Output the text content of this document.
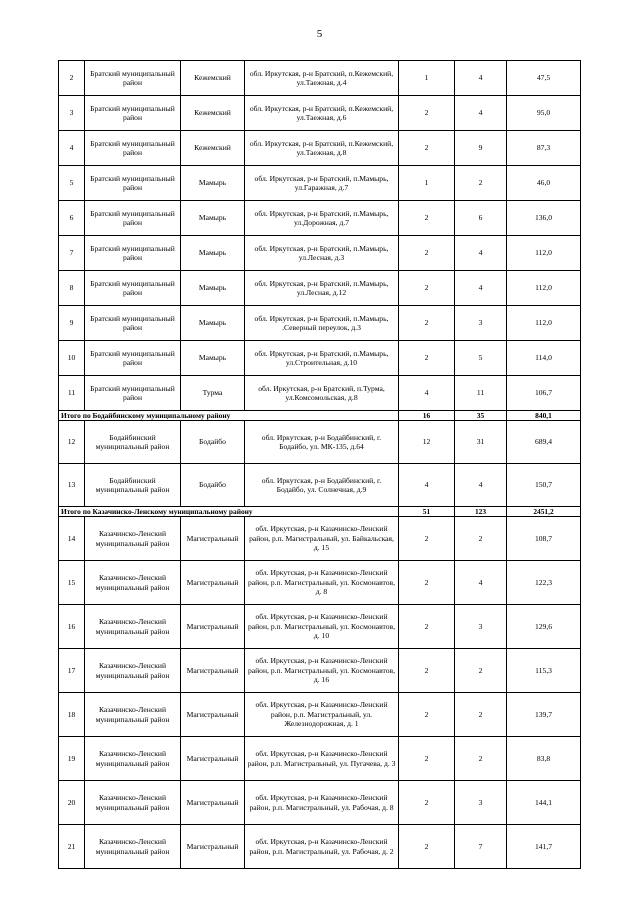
5
2	Братский муниципальный район	Кежемский	обл. Иркутская, р-н Братский, п.Кежемский, ул.Таежная, д.4	1	4	47,5
3	Братский муниципальный район	Кежемский	обл. Иркутская, р-н Братский, п.Кежемский, ул.Таежная, д.6	2	4	95,0
4	Братский муниципальный район	Кежемский	обл. Иркутская, р-н Братский, п.Кежемский, ул.Таежная, д.8	2	9	87,3
5	Братский муниципальный район	Мамырь	обл. Иркутская, р-н Братский, п.Мамырь, ул.Гаражная, д.7	1	2	46,0
6	Братский муниципальный район	Мамырь	обл. Иркутская, р-н Братский, п.Мамырь, ул.Дорожная, д.7	2	6	136,0
7	Братский муниципальный район	Мамырь	обл. Иркутская, р-н Братский, п.Мамырь, ул.Лесная, д.3	2	4	112,0
8	Братский муниципальный район	Мамырь	обл. Иркутская, р-н Братский, п.Мамырь, ул.Лесная, д.12	2	4	112,0
9	Братский муниципальный район	Мамырь	обл. Иркутская, р-н Братский, п.Мамырь, .Северный переулок, д.3	2	3	112,0
10	Братский муниципальный район	Мамырь	обл. Иркутская, р-н Братский, п.Мамырь, ул.Строительная, д.10	2	5	114,0
11	Братский муниципальный район	Турма	обл. Иркутская, р-н Братский, п.Турма, ул.Комсомольская, д.8	4	11	106,7
Итого по Бодайбинскому муниципальному району				16	35	840,1
12	Бодайбинский муниципальный район	Бодайбо	обл. Иркутская, р-н Бодайбинский, г. Бодайбо, ул. МК-135, д.64	12	31	689,4
13	Бодайбинский муниципальный район	Бодайбо	обл. Иркутская, р-н Бодайбинский, г. Бодайбо, ул. Солнечная, д.9	4	4	150,7
Итого по Казачинско-Ленскому муниципальному району				51	123	2451,2
14	Казачинско-Ленский муниципальный район	Магистральный	обл. Иркутская, р-н Казачинско-Ленский район, р.п. Магистральный, ул. Байкальская, д. 15	2	2	108,7
15	Казачинско-Ленский муниципальный район	Магистральный	обл. Иркутская, р-н Казачинско-Ленский район, р.п. Магистральный, ул. Космонавтов, д. 8	2	4	122,3
16	Казачинско-Ленский муниципальный район	Магистральный	обл. Иркутская, р-н Казачинско-Ленский район, р.п. Магистральный, ул. Космонавтов, д. 10	2	3	129,6
17	Казачинско-Ленский муниципальный район	Магистральный	обл. Иркутская, р-н Казачинско-Ленский район, р.п. Магистральный, ул. Космонавтов, д. 16	2	2	115,3
18	Казачинско-Ленский муниципальный район	Магистральный	обл. Иркутская, р-н Казачинско-Ленский район, р.п. Магистральный, ул. Железнодорожная, д. 1	2	2	139,7
19	Казачинско-Ленский муниципальный район	Магистральный	обл. Иркутская, р-н Казачинско-Ленский район, р.п. Магистральный, ул. Пугачева, д. 3	2	2	83,8
20	Казачинско-Ленский муниципальный район	Магистральный	обл. Иркутская, р-н Казачинско-Ленский район, р.п. Магистральный, ул. Рабочая, д. 8	2	3	144,1
21	Казачинско-Ленский муниципальный район	Магистральный	обл. Иркутская, р-н Казачинско-Ленский район, р.п. Магистральный, ул. Рабочая, д. 2	2	7	141,7
